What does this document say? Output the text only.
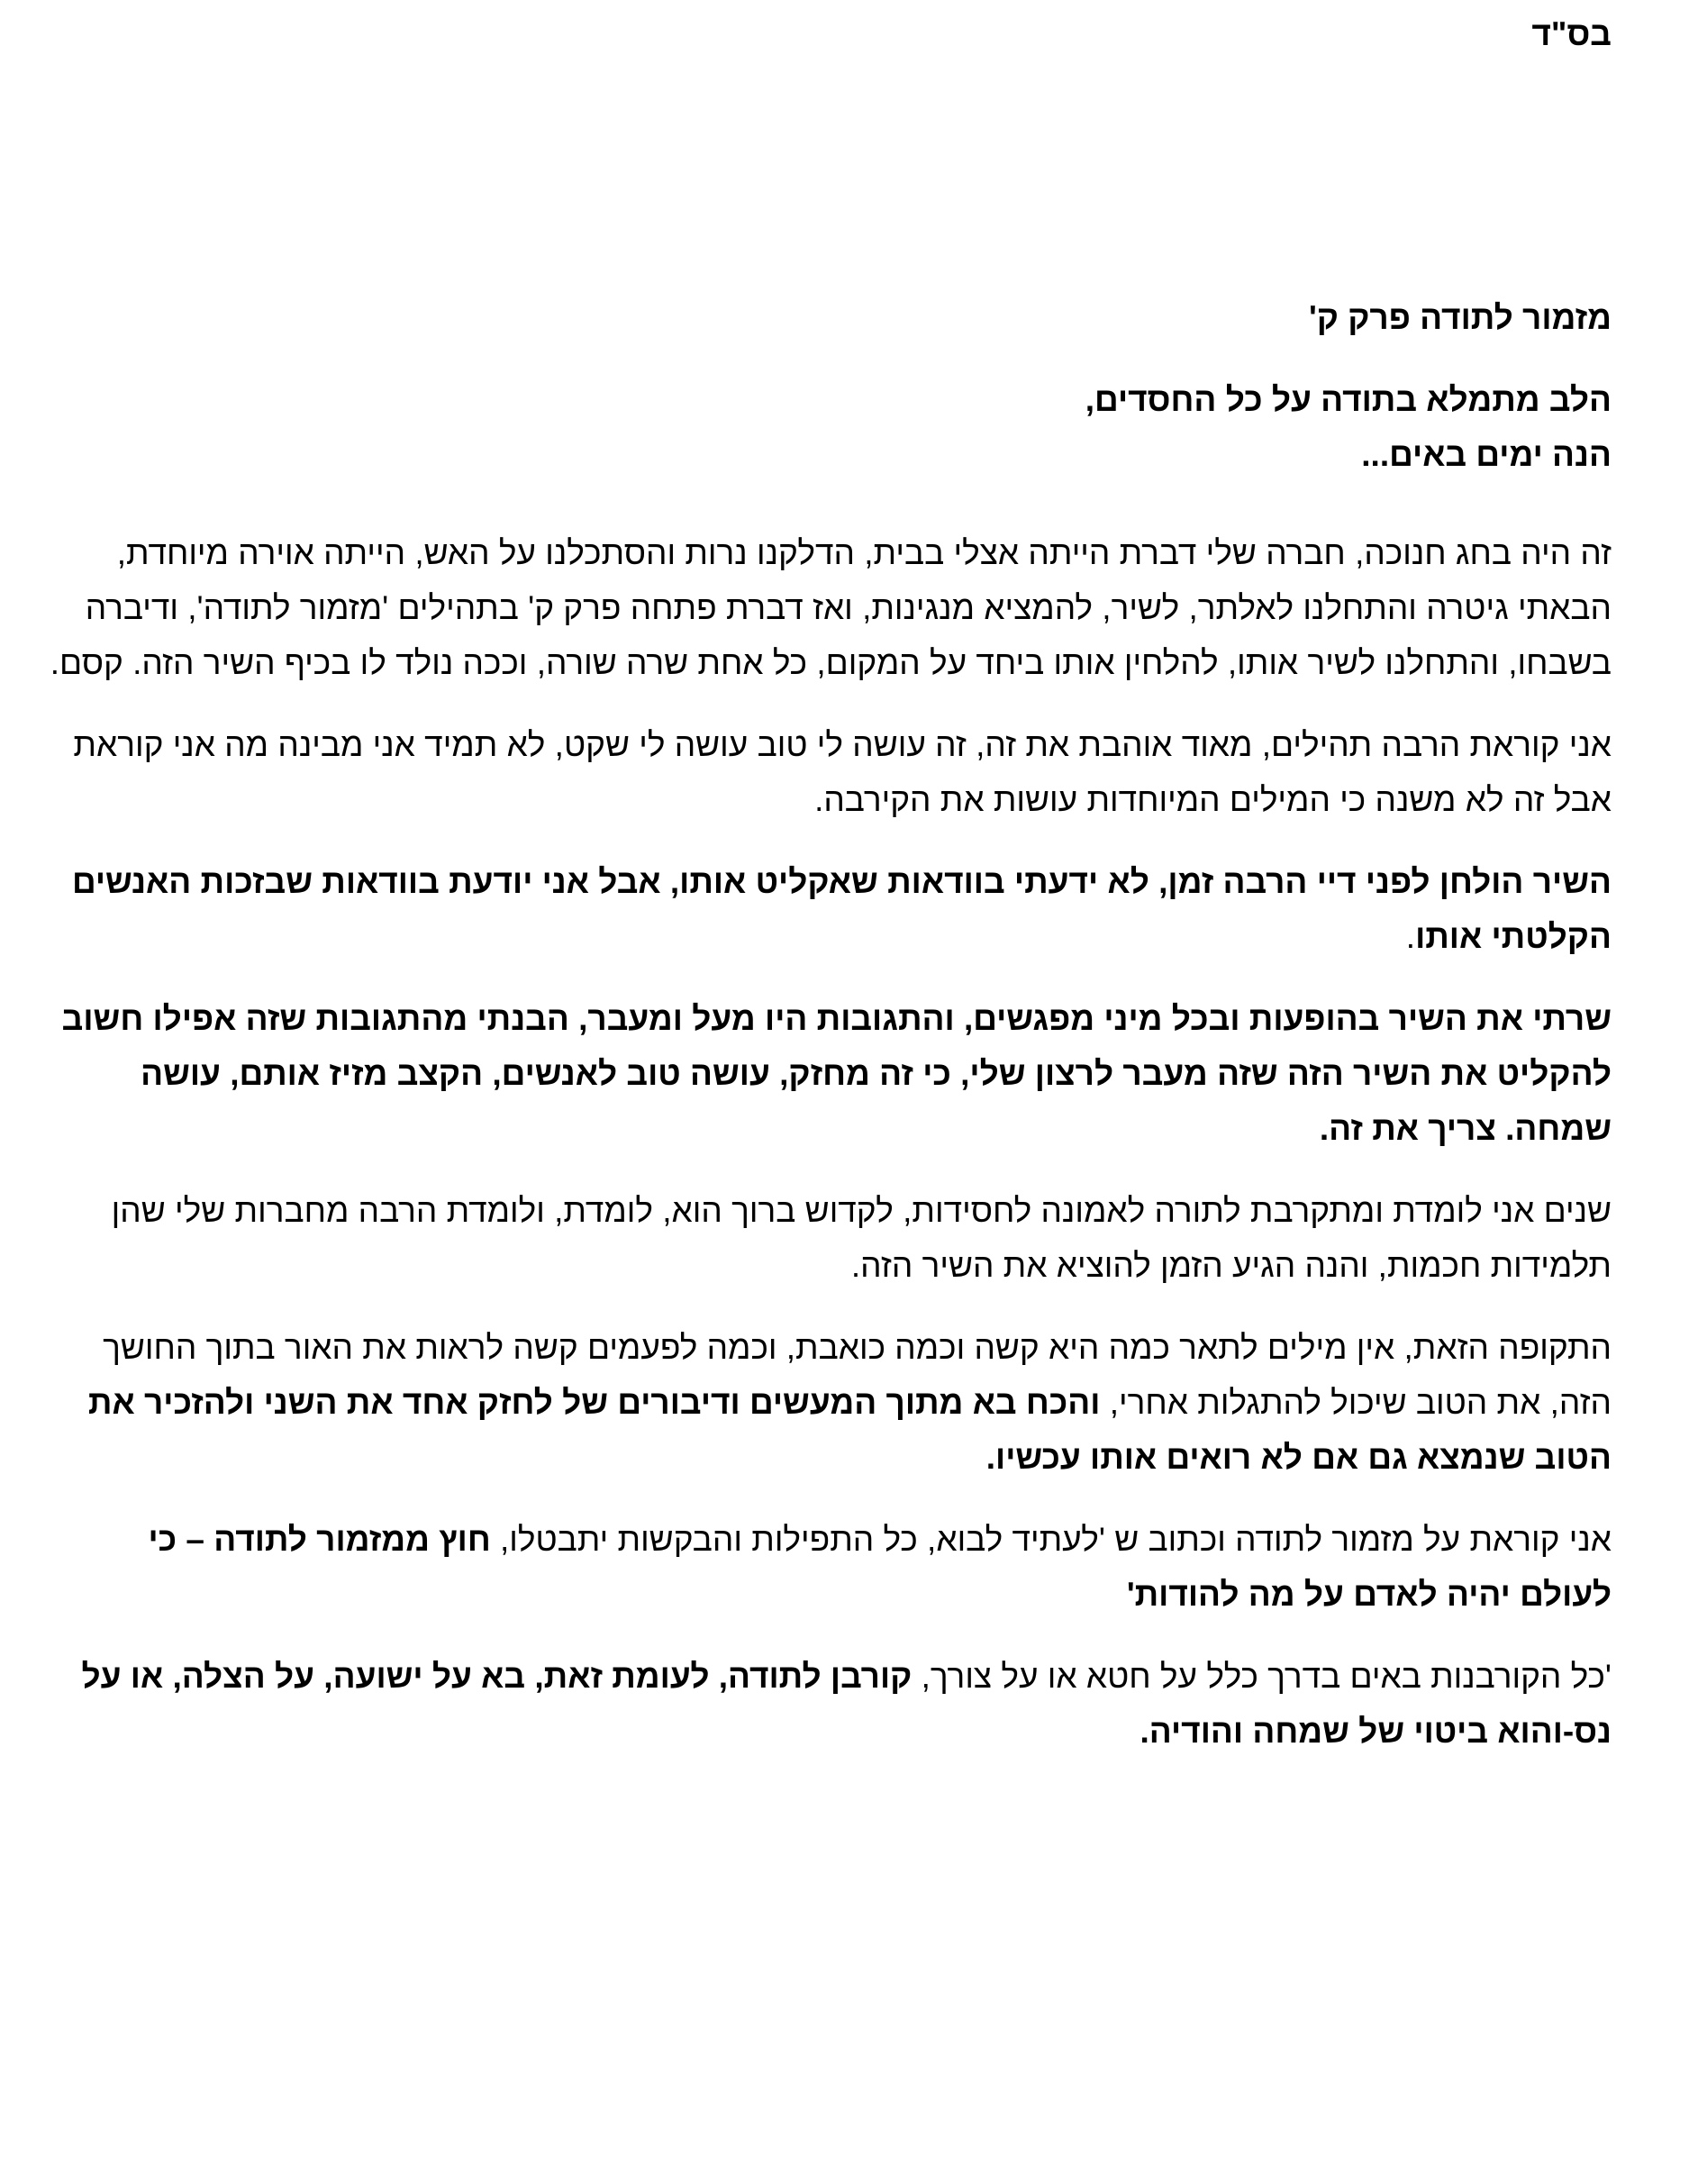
בס"ד

מזמור לתודה פרק ק'
הלב מתמלא בתודה על כל החסדים,
הנה ימים באים...

זה היה בחג חנוכה, חברה שלי דברת הייתה אצלי בבית, הדלקנו נרות והסתכלנו על האש, הייתה אוירה מיוחדת, הבאתי גיטרה והתחלנו לאלתר, לשיר, להמציא מנגינות, ואז דברת פתחה פרק ק' בתהילים 'מזמור לתודה', ודיברה בשבחו, והתחלנו לשיר אותו, להלחין אותו ביחד על המקום, כל אחת שרה שורה, וככה נולד לו בכיף השיר הזה. קסם.

אני קוראת הרבה תהילים, מאוד אוהבת את זה, זה עושה לי טוב עושה לי שקט, לא תמיד אני מבינה מה אני קוראת אבל זה לא משנה כי המילים המיוחדות עושות את הקירבה.

השיר הולחן לפני דיי הרבה זמן, לא ידעתי בוודאות שאקליט אותו, אבל אני יודעת בוודאות שבזכות האנשים הקלטתי אותו.

שרתי את השיר בהופעות ובכל מיני מפגשים, והתגובות היו מעל ומעבר, הבנתי מהתגובות שזה אפילו חשוב להקליט את השיר הזה שזה מעבר לרצון שלי, כי זה מחזק, עושה טוב לאנשים, הקצב מזיז אותם, עושה שמחה. צריך את זה.

שנים אני לומדת ומתקרבת לתורה לאמונה לחסידות, לקדוש ברוך הוא, לומדת, ולומדת הרבה מחברות שלי שהן תלמידות חכמות, והנה הגיע הזמן להוציא את השיר הזה.

התקופה הזאת, אין מילים לתאר כמה היא קשה וכמה כואבת, וכמה לפעמים קשה לראות את האור בתוך החושך הזה, את הטוב שיכול להתגלות אחרי, והכח בא מתוך המעשים ודיבורים של לחזק אחד את השני ולהזכיר את הטוב שנמצא גם אם לא רואים אותו עכשיו.

אני קוראת על מזמור לתודה וכתוב ש 'לעתיד לבוא, כל התפילות והבקשות יתבטלו, חוץ ממזמור לתודה – כי לעולם יהיה לאדם על מה להודות'

'כל הקורבנות באים בדרך כלל על חטא או על צורך, קורבן לתודה, לעומת זאת, בא על ישועה, על הצלה, או על נס-והוא ביטוי של שמחה והודיה.
